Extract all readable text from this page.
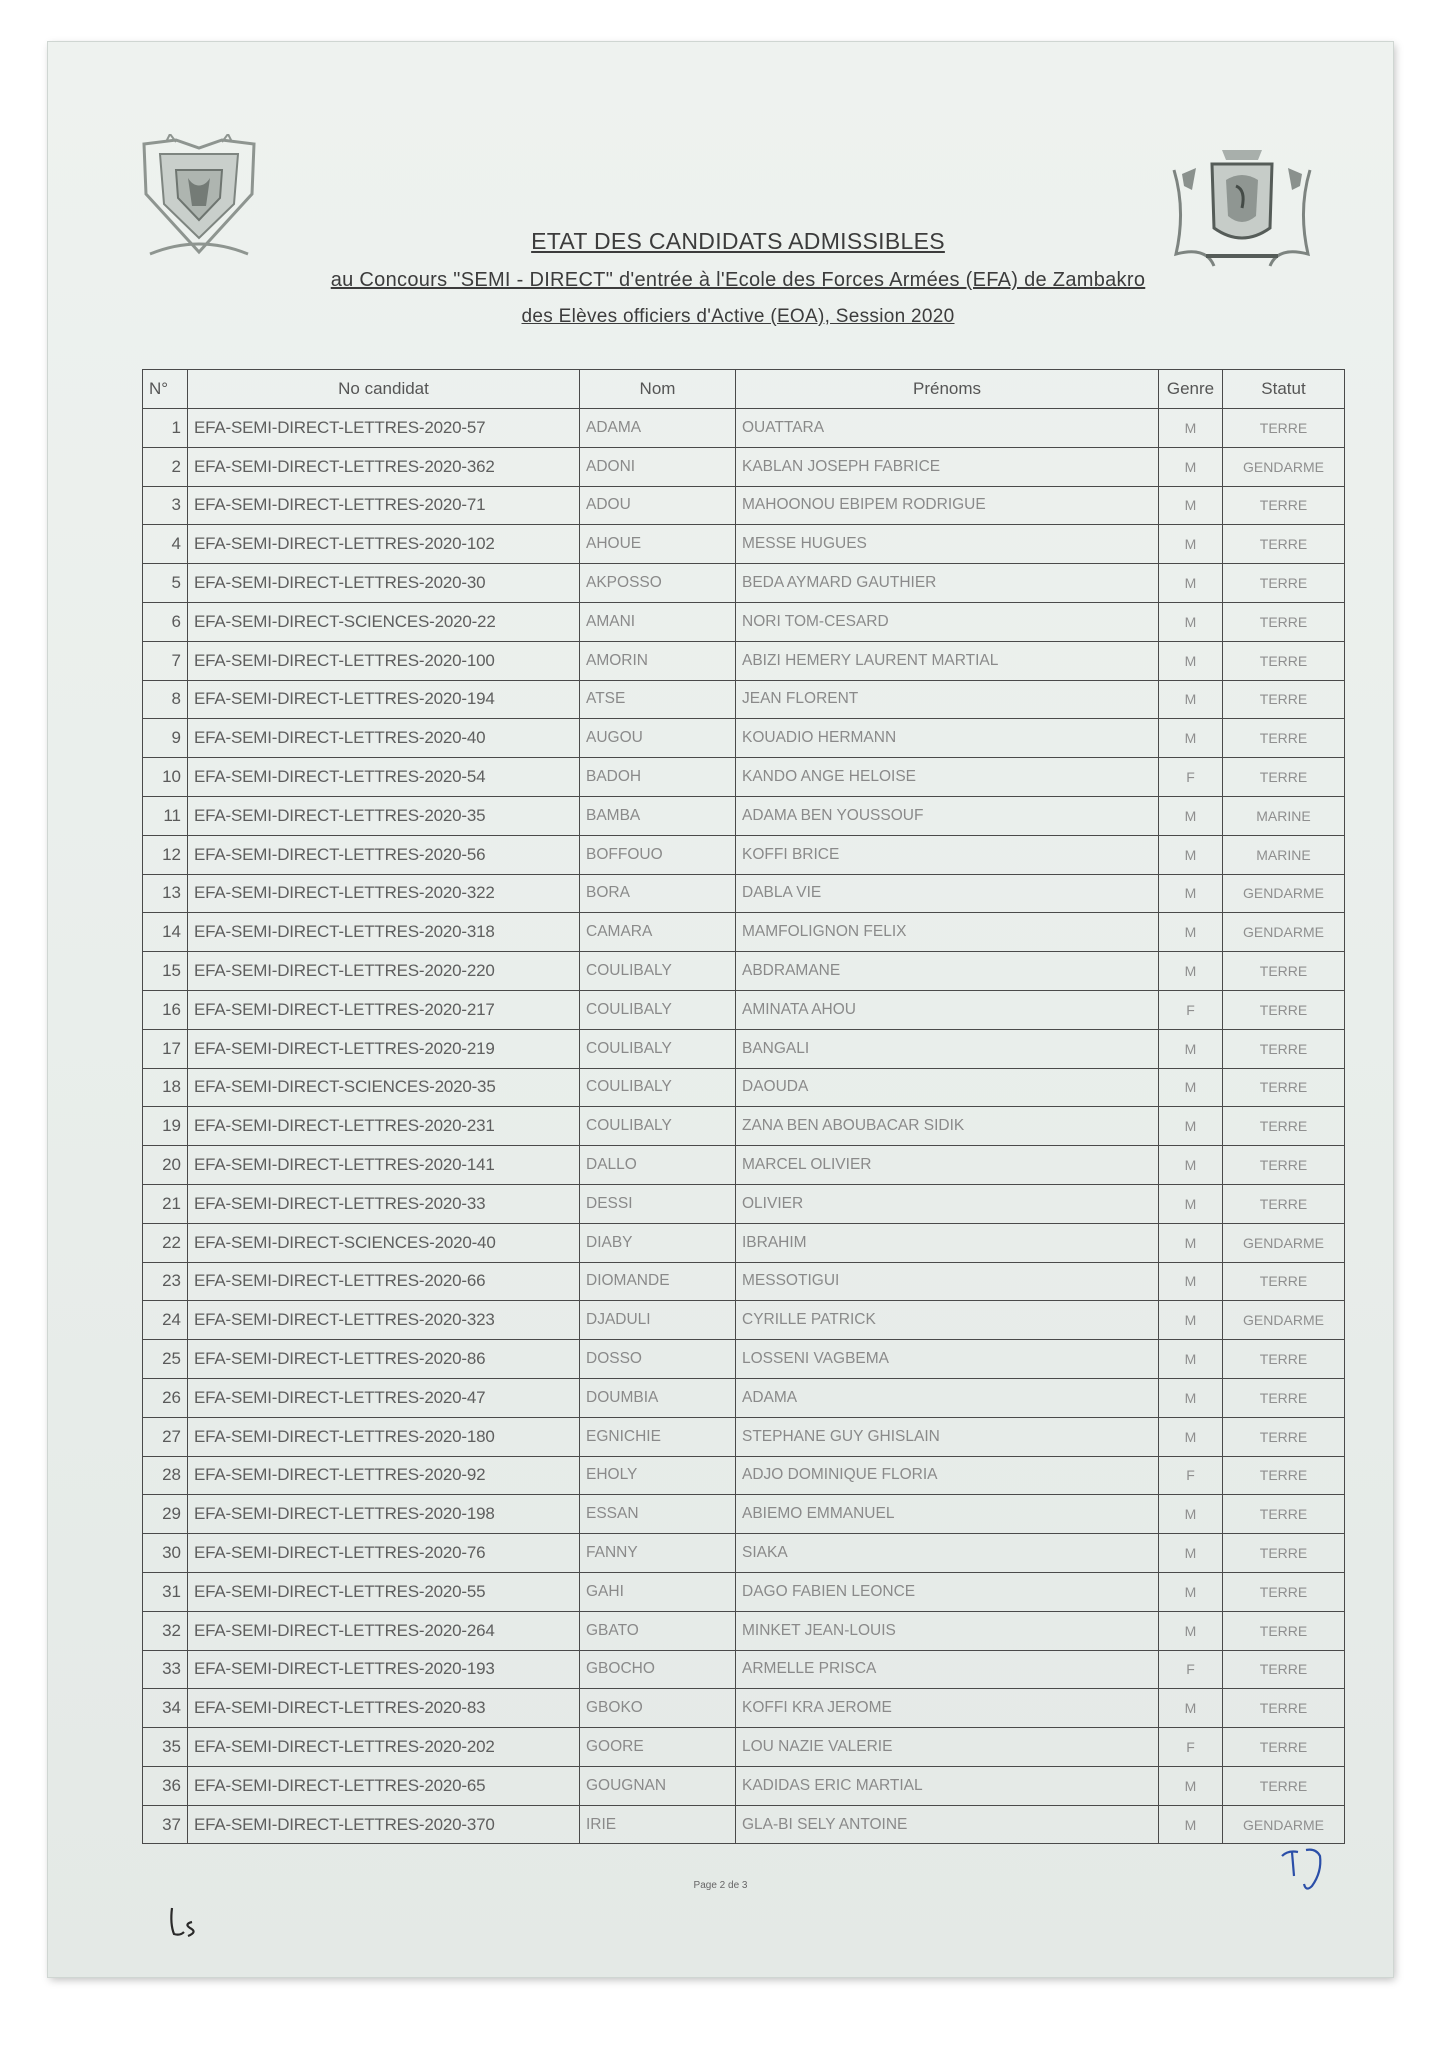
ETAT DES CANDIDATS ADMISSIBLES
au Concours "SEMI - DIRECT" d'entrée à l'Ecole des Forces Armées (EFA) de Zambakro
des Elèves officiers d'Active (EOA), Session 2020
N°	No candidat	Nom	Prénoms	Genre	Statut
1	EFA-SEMI-DIRECT-LETTRES-2020-57	ADAMA	OUATTARA	M	TERRE
2	EFA-SEMI-DIRECT-LETTRES-2020-362	ADONI	KABLAN JOSEPH FABRICE	M	GENDARME
3	EFA-SEMI-DIRECT-LETTRES-2020-71	ADOU	MAHOONOU EBIPEM RODRIGUE	M	TERRE
4	EFA-SEMI-DIRECT-LETTRES-2020-102	AHOUE	MESSE HUGUES	M	TERRE
5	EFA-SEMI-DIRECT-LETTRES-2020-30	AKPOSSO	BEDA AYMARD GAUTHIER	M	TERRE
6	EFA-SEMI-DIRECT-SCIENCES-2020-22	AMANI	NORI TOM-CESARD	M	TERRE
7	EFA-SEMI-DIRECT-LETTRES-2020-100	AMORIN	ABIZI HEMERY LAURENT MARTIAL	M	TERRE
8	EFA-SEMI-DIRECT-LETTRES-2020-194	ATSE	JEAN FLORENT	M	TERRE
9	EFA-SEMI-DIRECT-LETTRES-2020-40	AUGOU	KOUADIO HERMANN	M	TERRE
10	EFA-SEMI-DIRECT-LETTRES-2020-54	BADOH	KANDO ANGE HELOISE	F	TERRE
11	EFA-SEMI-DIRECT-LETTRES-2020-35	BAMBA	ADAMA BEN YOUSSOUF	M	MARINE
12	EFA-SEMI-DIRECT-LETTRES-2020-56	BOFFOUO	KOFFI BRICE	M	MARINE
13	EFA-SEMI-DIRECT-LETTRES-2020-322	BORA	DABLA VIE	M	GENDARME
14	EFA-SEMI-DIRECT-LETTRES-2020-318	CAMARA	MAMFOLIGNON FELIX	M	GENDARME
15	EFA-SEMI-DIRECT-LETTRES-2020-220	COULIBALY	ABDRAMANE	M	TERRE
16	EFA-SEMI-DIRECT-LETTRES-2020-217	COULIBALY	AMINATA AHOU	F	TERRE
17	EFA-SEMI-DIRECT-LETTRES-2020-219	COULIBALY	BANGALI	M	TERRE
18	EFA-SEMI-DIRECT-SCIENCES-2020-35	COULIBALY	DAOUDA	M	TERRE
19	EFA-SEMI-DIRECT-LETTRES-2020-231	COULIBALY	ZANA BEN ABOUBACAR SIDIK	M	TERRE
20	EFA-SEMI-DIRECT-LETTRES-2020-141	DALLO	MARCEL OLIVIER	M	TERRE
21	EFA-SEMI-DIRECT-LETTRES-2020-33	DESSI	OLIVIER	M	TERRE
22	EFA-SEMI-DIRECT-SCIENCES-2020-40	DIABY	IBRAHIM	M	GENDARME
23	EFA-SEMI-DIRECT-LETTRES-2020-66	DIOMANDE	MESSOTIGUI	M	TERRE
24	EFA-SEMI-DIRECT-LETTRES-2020-323	DJADULI	CYRILLE PATRICK	M	GENDARME
25	EFA-SEMI-DIRECT-LETTRES-2020-86	DOSSO	LOSSENI VAGBEMA	M	TERRE
26	EFA-SEMI-DIRECT-LETTRES-2020-47	DOUMBIA	ADAMA	M	TERRE
27	EFA-SEMI-DIRECT-LETTRES-2020-180	EGNICHIE	STEPHANE GUY GHISLAIN	M	TERRE
28	EFA-SEMI-DIRECT-LETTRES-2020-92	EHOLY	ADJO DOMINIQUE FLORIA	F	TERRE
29	EFA-SEMI-DIRECT-LETTRES-2020-198	ESSAN	ABIEMO EMMANUEL	M	TERRE
30	EFA-SEMI-DIRECT-LETTRES-2020-76	FANNY	SIAKA	M	TERRE
31	EFA-SEMI-DIRECT-LETTRES-2020-55	GAHI	DAGO FABIEN LEONCE	M	TERRE
32	EFA-SEMI-DIRECT-LETTRES-2020-264	GBATO	MINKET JEAN-LOUIS	M	TERRE
33	EFA-SEMI-DIRECT-LETTRES-2020-193	GBOCHO	ARMELLE PRISCA	F	TERRE
34	EFA-SEMI-DIRECT-LETTRES-2020-83	GBOKO	KOFFI KRA JEROME	M	TERRE
35	EFA-SEMI-DIRECT-LETTRES-2020-202	GOORE	LOU NAZIE VALERIE	F	TERRE
36	EFA-SEMI-DIRECT-LETTRES-2020-65	GOUGNAN	KADIDAS ERIC MARTIAL	M	TERRE
37	EFA-SEMI-DIRECT-LETTRES-2020-370	IRIE	GLA-BI SELY ANTOINE	M	GENDARME
Page 2 de 3
